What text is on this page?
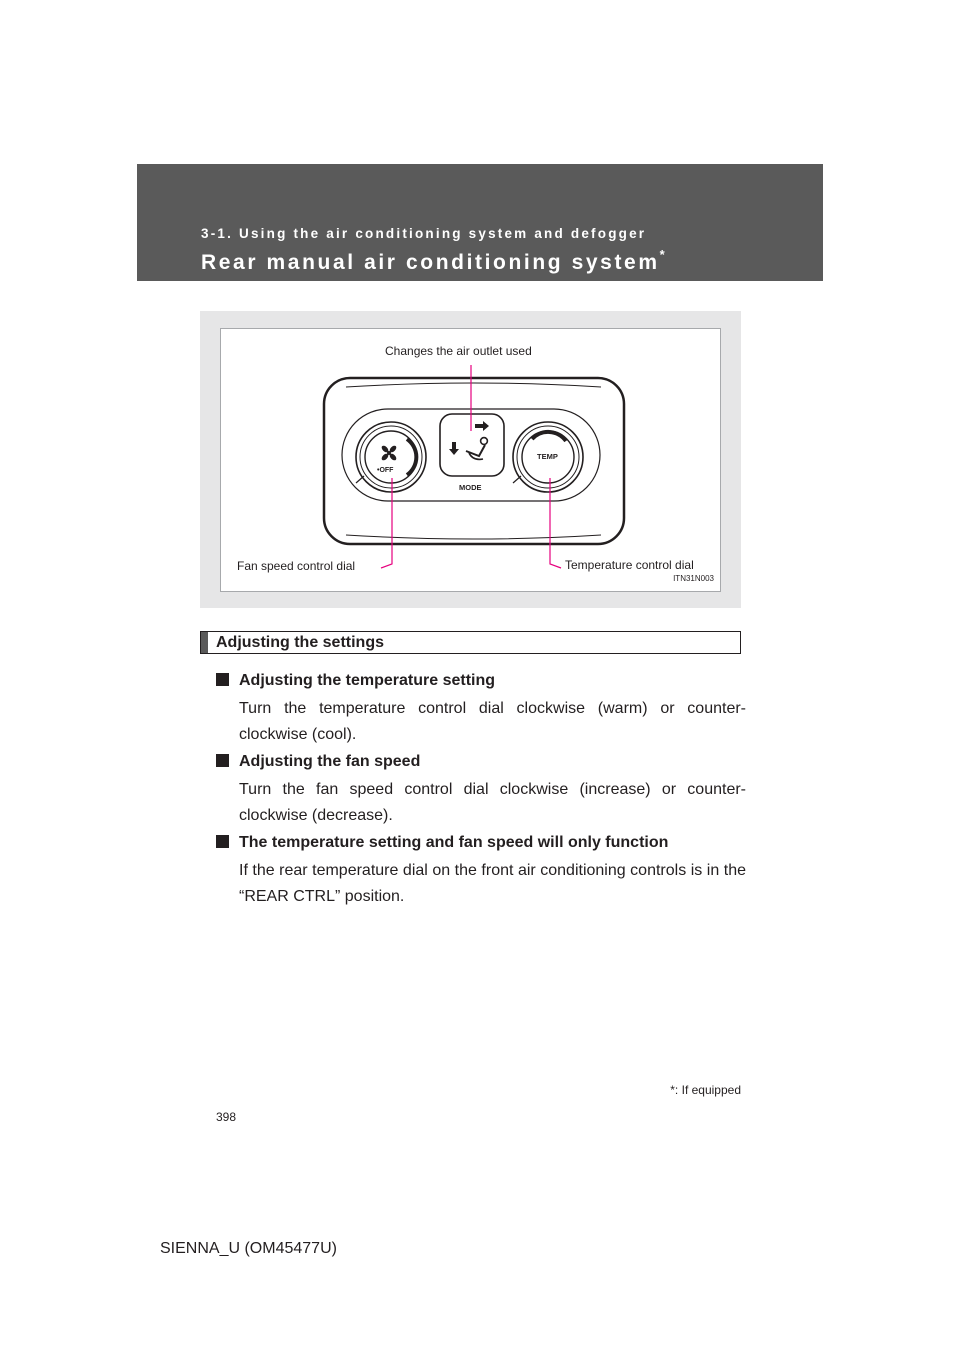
3-1. Using the air conditioning system and defogger
Rear manual air conditioning system*
•OFF
MODE
TEMP
Changes the air outlet used
Fan speed control dial	Temperature control dial
ITN31N003
Adjusting the settings
Adjusting the temperature setting
Turn the temperature control dial clockwise (warm) or counter-clockwise (cool).
Adjusting the fan speed
Turn the fan speed control dial clockwise (increase) or counter-clockwise (decrease).
The temperature setting and fan speed will only function
If the rear temperature dial on the front air conditioning controls is in the “REAR CTRL” position.
*: If equipped
398
SIENNA_U (OM45477U)
